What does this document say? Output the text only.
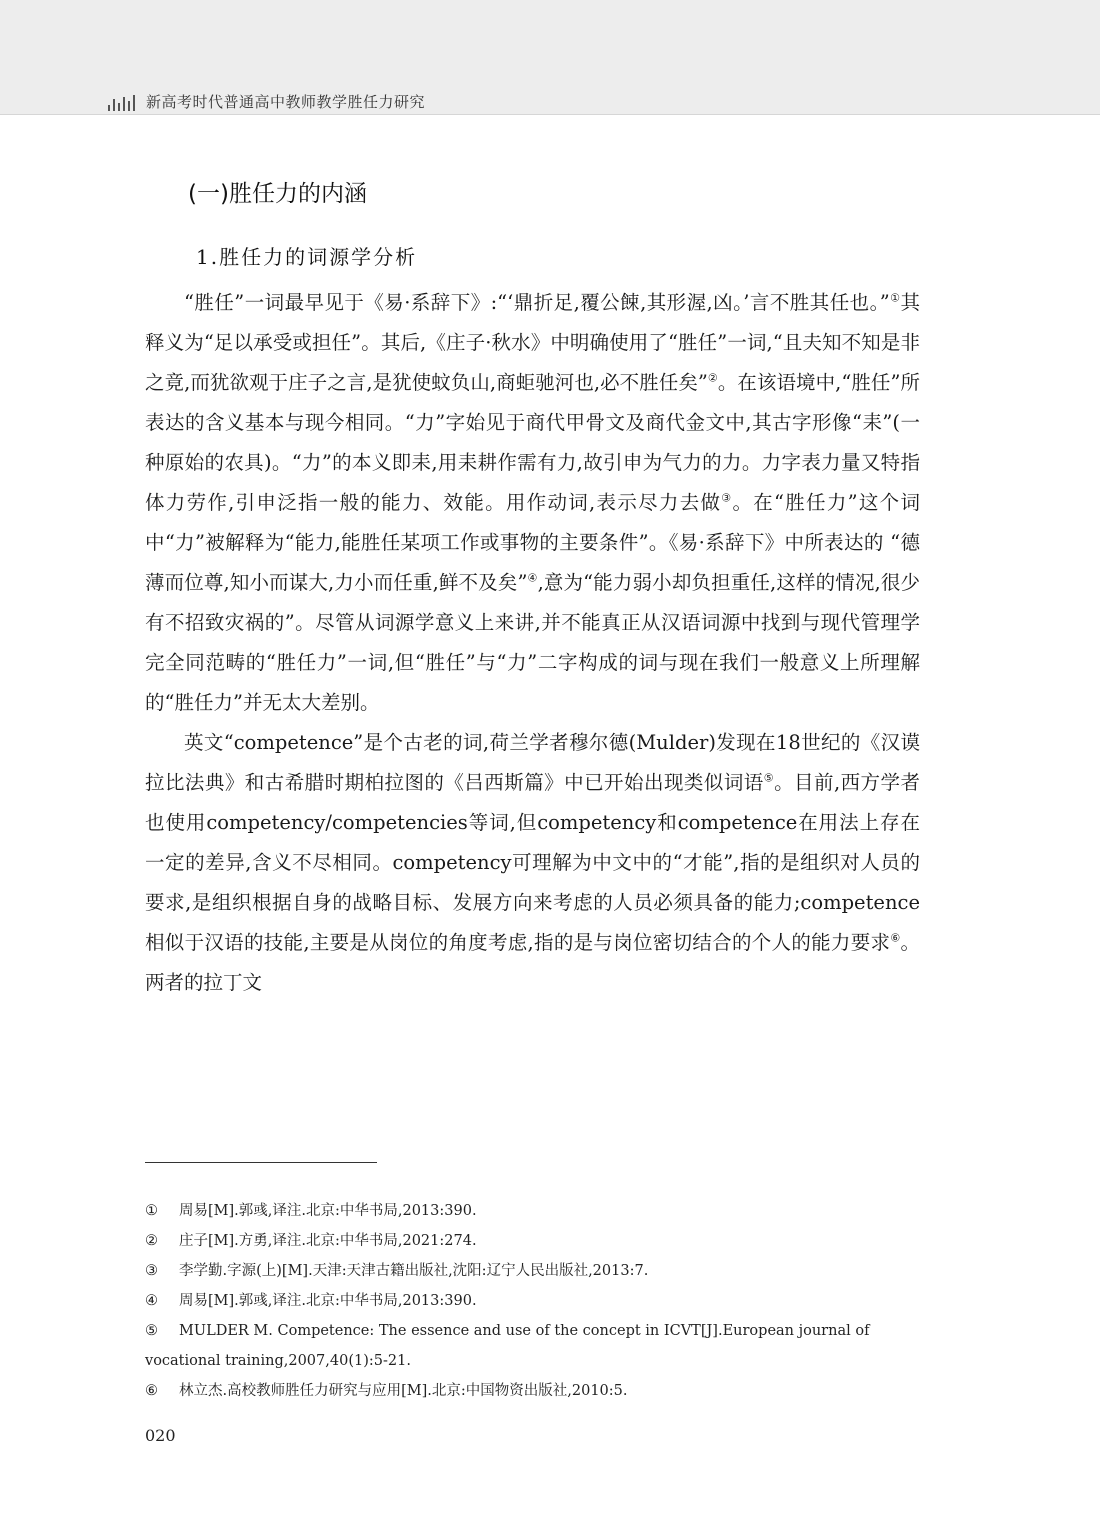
新高考时代普通高中教师教学胜任力研究
(一)胜任力的内涵
1.胜任力的词源学分析

“胜任”一词最早见于《易·系辞下》:“‘鼎折足,覆公餗,其形渥,凶。’言不胜其任也。”①其释义为“足以承受或担任”。其后,《庄子·秋水》中明确使用了“胜任”一词,“且夫知不知是非之竟,而犹欲观于庄子之言,是犹使蚊负山,商蚷驰河也,必不胜任矣”②。在该语境中,“胜任”所表达的含义基本与现今相同。“力”字始见于商代甲骨文及商代金文中,其古字形像“耒”(一种原始的农具)。“力”的本义即耒,用耒耕作需有力,故引申为气力的力。力字表力量又特指体力劳作,引申泛指一般的能力、效能。用作动词,表示尽力去做③。在“胜任力”这个词中“力”被解释为“能力,能胜任某项工作或事物的主要条件”。《易·系辞下》中所表达的 “德薄而位尊,知小而谋大,力小而任重,鲜不及矣”④,意为“能力弱小却负担重任,这样的情况,很少有不招致灾祸的”。尽管从词源学意义上来讲,并不能真正从汉语词源中找到与现代管理学完全同范畴的“胜任力”一词,但“胜任”与“力”二字构成的词与现在我们一般意义上所理解的“胜任力”并无太大差别。

英文“competence”是个古老的词,荷兰学者穆尔德(Mulder)发现在18世纪的《汉谟拉比法典》和古希腊时期柏拉图的《吕西斯篇》中已开始出现类似词语⑤。目前,西方学者也使用competency/competencies等词,但competency和competence在用法上存在一定的差异,含义不尽相同。competency可理解为中文中的“才能”,指的是组织对人员的要求,是组织根据自身的战略目标、发展方向来考虑的人员必须具备的能力;competence相似于汉语的技能,主要是从岗位的角度考虑,指的是与岗位密切结合的个人的能力要求⑥。两者的拉丁文

①	周易[M].郭彧,译注.北京:中华书局,2013:390.
②	庄子[M].方勇,译注.北京:中华书局,2021:274.
③	李学勤.字源(上)[M].天津:天津古籍出版社,沈阳:辽宁人民出版社,2013:7.
④	周易[M].郭彧,译注.北京:中华书局,2013:390.
⑤ MULDER M. Competence: The essence and use of the concept in ICVT[J].European journal of vocational training,2007,40(1):5-21.
⑥	林立杰.高校教师胜任力研究与应用[M].北京:中国物资出版社,2010:5.
020
